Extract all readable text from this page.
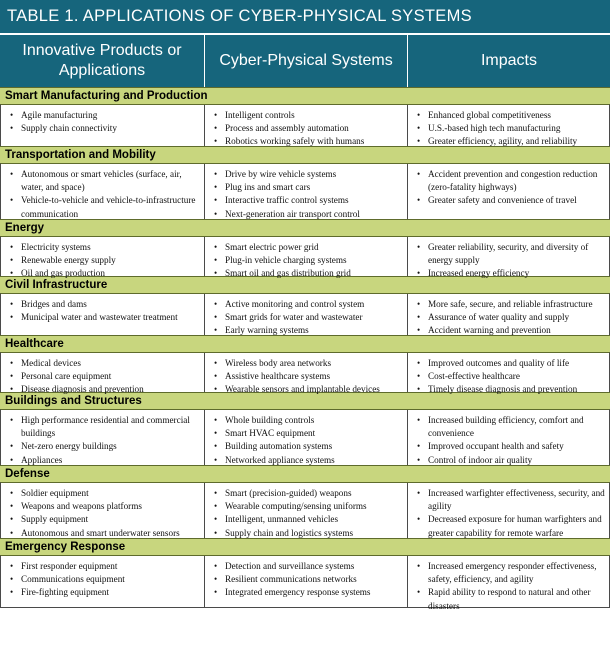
TABLE 1. APPLICATIONS OF CYBER-PHYSICAL SYSTEMS
Innovative Products or Applications
Cyber-Physical Systems	Impacts
Smart Manufacturing and Production
• Agile manufacturing
• Supply chain connectivity
• Intelligent controls
• Process and assembly automation
• Robotics working safely with humans
• Enhanced global competitiveness
• U.S.-based high tech manufacturing
• Greater efficiency, agility, and reliability
Transportation and Mobility
• Autonomous or smart vehicles (surface, air, water, and space)
• Vehicle-to-vehicle and vehicle-to-infrastructure communication
• Drive by wire vehicle systems
• Plug ins and smart cars
• Interactive traffic control systems
• Next-generation air transport control
• Accident prevention and congestion reduction (zero-fatality highways)
• Greater safety and convenience of travel
Energy
• Electricity systems
• Renewable energy supply
• Oil and gas production
• Smart electric power grid
• Plug-in vehicle charging systems
• Smart oil and gas distribution grid
• Greater reliability, security, and diversity of energy supply
• Increased energy efficiency
Civil Infrastructure
• Bridges and dams
• Municipal water and wastewater treatment
• Active monitoring and control system
• Smart grids for water and wastewater
• Early warning systems
• More safe, secure, and reliable infrastructure
• Assurance of water quality and supply
• Accident warning and prevention
Healthcare
• Medical devices
• Personal care equipment
• Disease diagnosis and prevention
• Wireless body area networks
• Assistive healthcare systems
• Wearable sensors and implantable devices
• Improved outcomes and quality of life
• Cost-effective healthcare
• Timely disease diagnosis and prevention
Buildings and Structures
• High performance residential and commercial buildings
• Net-zero energy buildings
• Appliances
• Whole building controls
• Smart HVAC equipment
• Building automation systems
• Networked appliance systems
• Increased building efficiency, comfort and convenience
• Improved occupant health and safety
• Control of indoor air quality
Defense
• Soldier equipment
• Weapons and weapons platforms
• Supply equipment
• Autonomous and smart underwater sensors
• Smart (precision-guided) weapons
• Wearable computing/sensing uniforms
• Intelligent, unmanned vehicles
• Supply chain and logistics systems
• Increased warfighter effectiveness, security, and agility
• Decreased exposure for human warfighters and greater capability for remote warfare
Emergency Response
• First responder equipment
• Communications equipment
• Fire-fighting equipment
• Detection and surveillance systems
• Resilient communications networks
• Integrated emergency response systems
• Increased emergency responder effectiveness, safety, efficiency, and agility
• Rapid ability to respond to natural and other disasters
